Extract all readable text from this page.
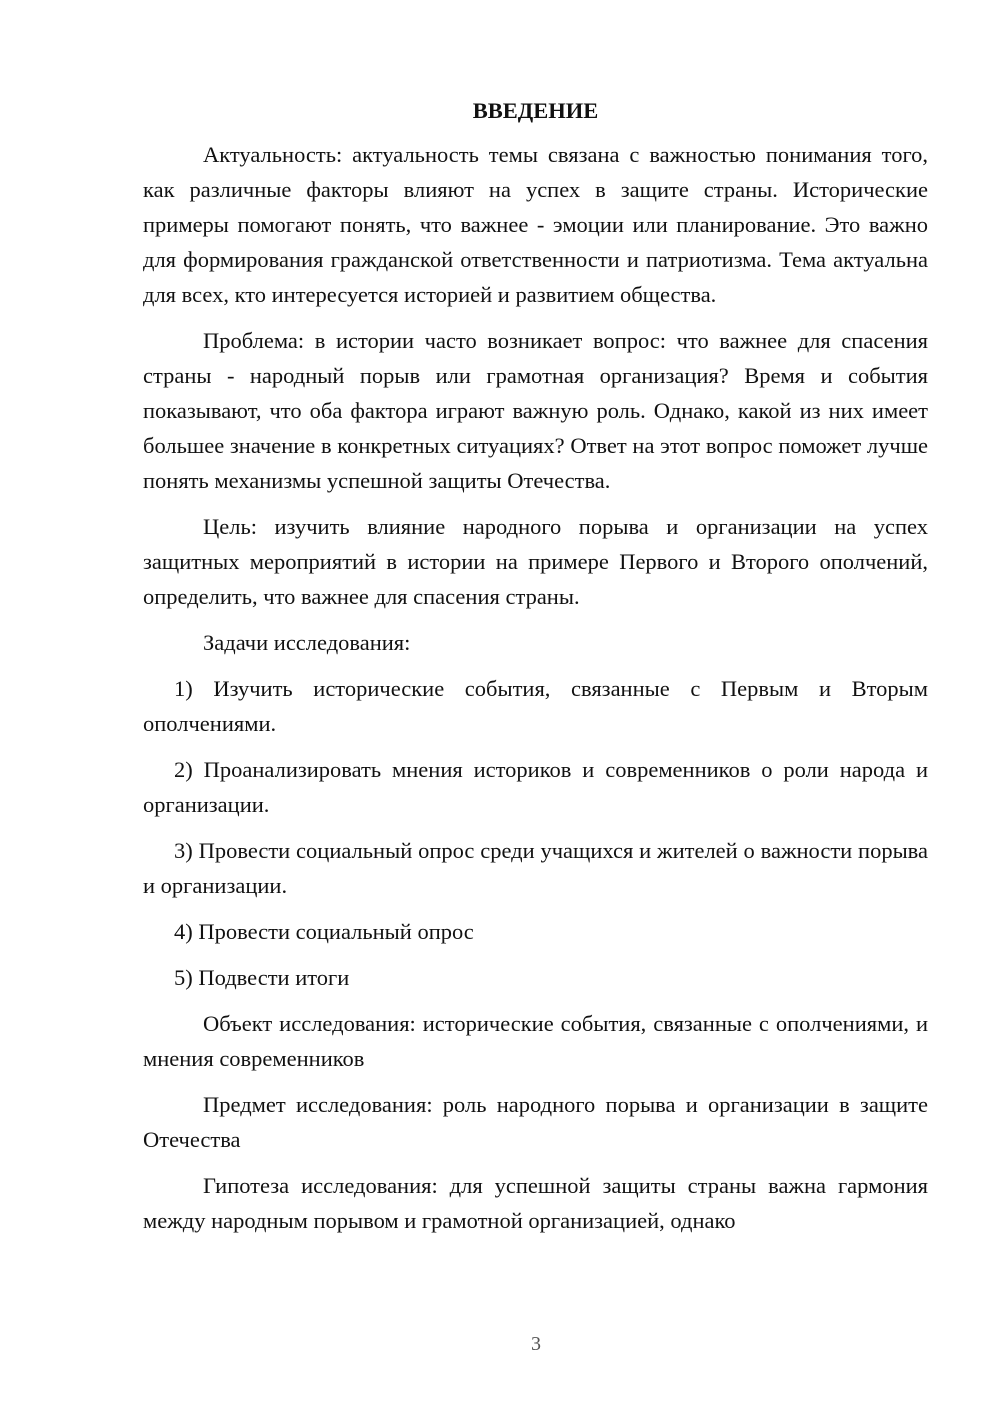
ВВЕДЕНИЕ

Актуальность: актуальность темы связана с важностью понимания того, как различные факторы влияют на успех в защите страны. Исторические примеры помогают понять, что важнее - эмоции или планирование. Это важно для формирования гражданской ответственности и патриотизма. Тема актуальна для всех, кто интересуется историей и развитием общества.

Проблема: в истории часто возникает вопрос: что важнее для спасения страны - народный порыв или грамотная организация? Время и события показывают, что оба фактора играют важную роль. Однако, какой из них имеет большее значение в конкретных ситуациях? Ответ на этот вопрос поможет лучше понять механизмы успешной защиты Отечества.

Цель: изучить влияние народного порыва и организации на успех защитных мероприятий в истории на примере Первого и Второго ополчений, определить, что важнее для спасения страны.

Задачи исследования:

1) Изучить исторические события, связанные с Первым и Вторым ополчениями.

2) Проанализировать мнения историков и современников о роли народа и организации.

3) Провести социальный опрос среди учащихся и жителей о важности порыва и организации.

4) Провести социальный опрос

5) Подвести итоги

Объект исследования: исторические события, связанные с ополчениями, и мнения современников

Предмет исследования: роль народного порыва и организации в защите Отечества

Гипотеза исследования: для успешной защиты страны важна гармония между народным порывом и грамотной организацией, однако

3
